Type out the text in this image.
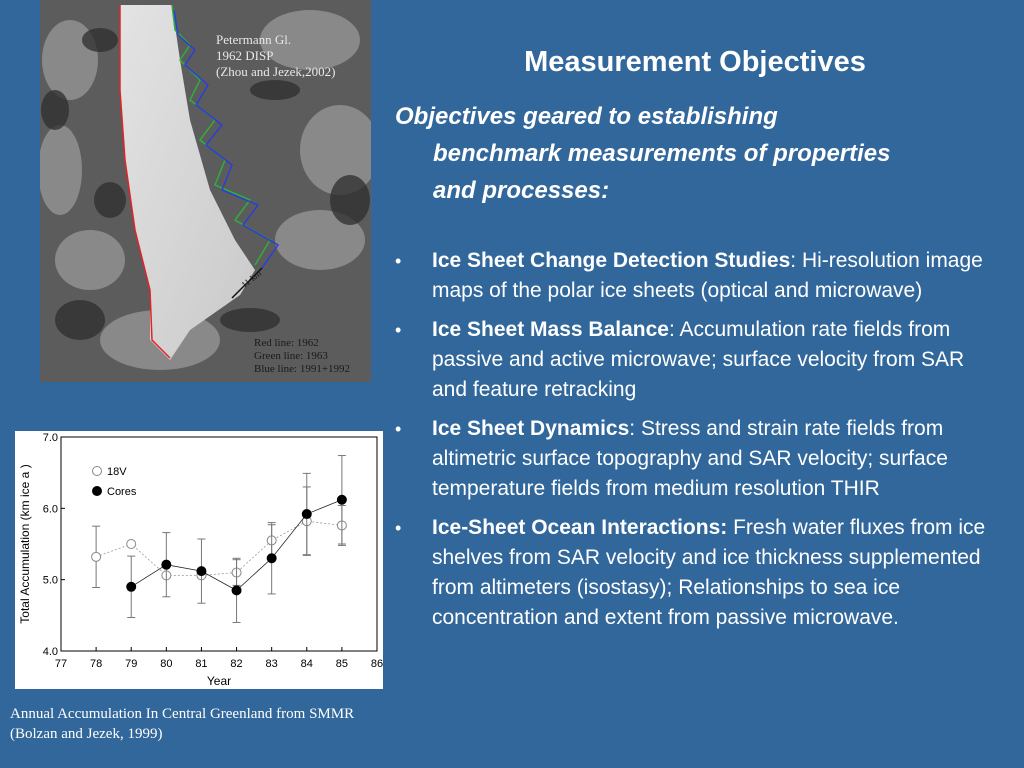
Petermann Gl.
1962 DISP
(Zhou and Jezek,2002)
11 km
Red line: 1962
Green line: 1963
Blue line: 1991+1992
77 78 79 80 81 82 83 84 85 86
4.0
5.0
6.0
7.0
Year
Total Accumulation (km ice a )	18V
Cores
Annual Accumulation In Central Greenland from SMMR
(Bolzan and Jezek, 1999)
Measurement Objectives
Objectives geared to establishing
benchmark measurements of properties
and processes:
• Ice Sheet Change Detection Studies: Hi-resolution image maps of the polar ice sheets (optical and microwave)
• Ice Sheet Mass Balance: Accumulation rate fields from passive and active microwave; surface velocity from SAR and feature retracking
• Ice Sheet Dynamics: Stress and strain rate fields from altimetric surface topography and SAR velocity; surface temperature fields from medium resolution THIR
• Ice-Sheet Ocean Interactions: Fresh water fluxes from ice shelves from SAR velocity and ice thickness supplemented from altimeters (isostasy); Relationships to sea ice concentration and extent from passive microwave.
